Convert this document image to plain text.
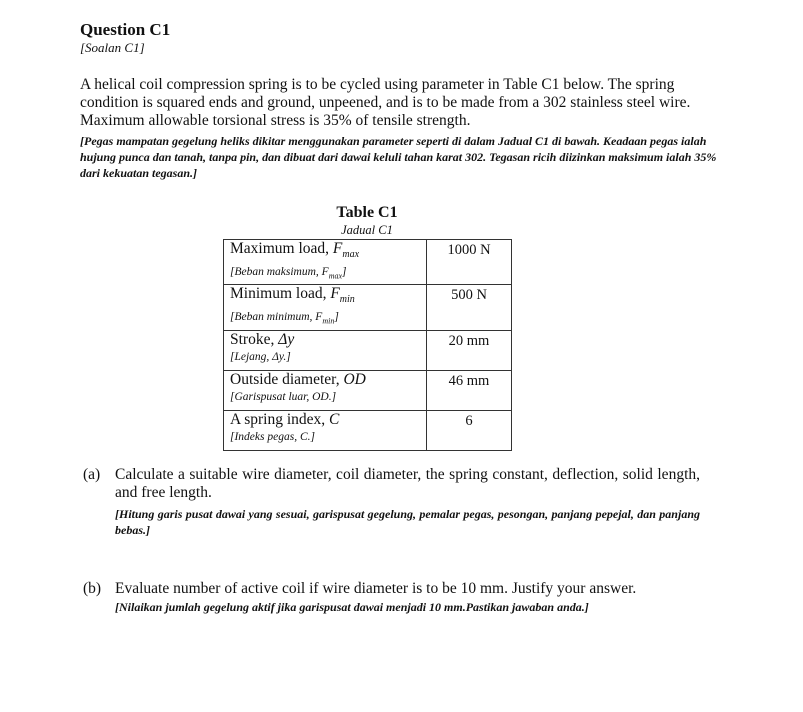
Question C1
[Soalan C1]
A helical coil compression spring is to be cycled using parameter in Table C1 below. The spring condition is squared ends and ground, unpeened, and is to be made from a 302 stainless steel wire. Maximum allowable torsional stress is 35% of tensile strength.
[Pegas mampatan gegelung heliks dikitar menggunakan parameter seperti di dalam Jadual C1 di bawah. Keadaan pegas ialah hujung punca dan tanah, tanpa pin, dan dibuat dari dawai keluli tahan karat 302. Tegasan ricih diizinkan maksimum ialah 35% dari kekuatan tegasan.]
Table C1
Jadual C1
Maximum load, $F_{max}$
[Beban maksimum, $F_{max}$]	1000 N

Minimum load, $F_{min}$
[Beban minimum, $F_{min}$]	500 N

Stroke, Δy
[Lejang, Δy.]	20 mm

Outside diameter, OD
[Garispusat luar, OD.]	46 mm

A spring index, C
[Indeks pegas, C.]	6
(a) Calculate a suitable wire diameter, coil diameter, the spring constant, deflection, solid length, and free length.
[Hitung garis pusat dawai yang sesuai, garispusat gegelung, pemalar pegas, pesongan, panjang pepejal, dan panjang bebas.]
(b) Evaluate number of active coil if wire diameter is to be 10 mm. Justify your answer.
[Nilaikan jumlah gegelung aktif jika garispusat dawai menjadi 10 mm.Pastikan jawaban anda.]
